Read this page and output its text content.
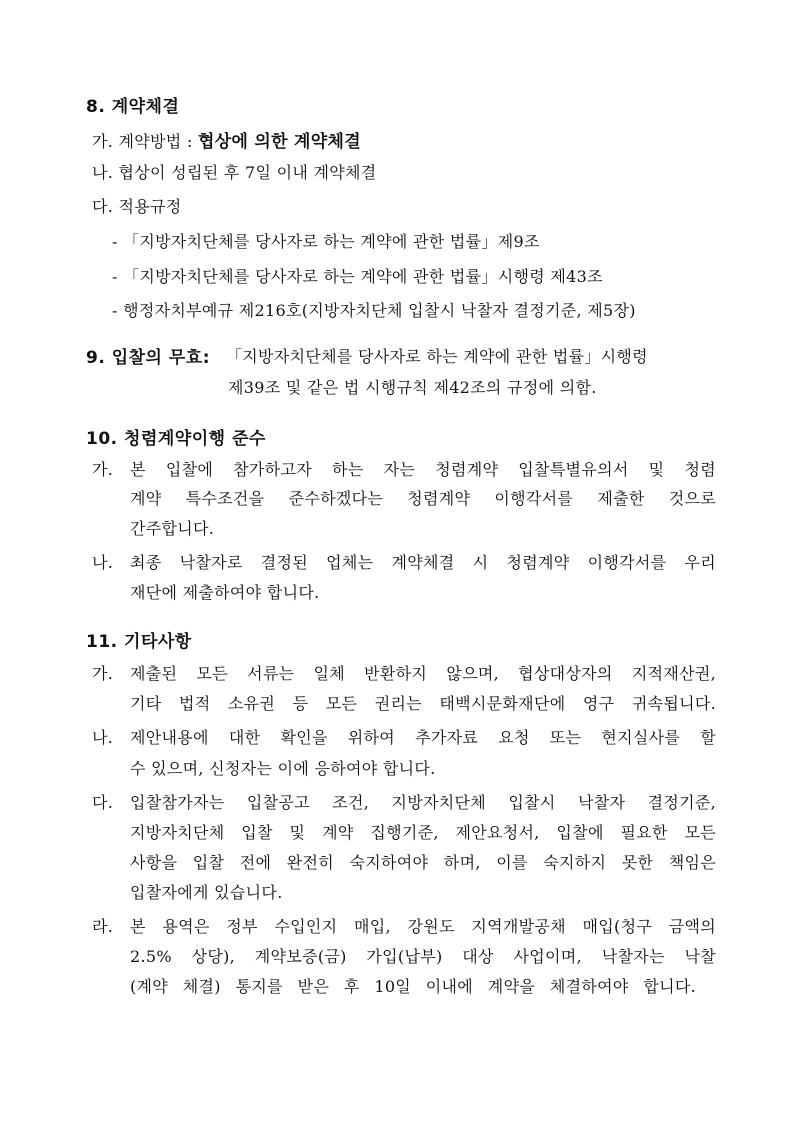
8. 계약체결
가. 계약방법 : 협상에 의한 계약체결
나. 협상이 성립된 후 7일 이내 계약체결
다. 적용규정
- 「지방자치단체를 당사자로 하는 계약에 관한 법률」제9조
- 「지방자치단체를 당사자로 하는 계약에 관한 법률」시행령 제43조
- 행정자치부예규 제216호(지방자치단체 입찰시 낙찰자 결정기준, 제5장)
9. 입찰의 무효: 「지방자치단체를 당사자로 하는 계약에 관한 법률」시행령
제39조 및 같은 법 시행규칙 제42조의 규정에 의함.
10. 청렴계약이행 준수
가. 본 입찰에 참가하고자 하는 자는 청렴계약 입찰특별유의서 및 청렴
계약 특수조건을 준수하겠다는 청렴계약 이행각서를 제출한 것으로
간주합니다.
나. 최종 낙찰자로 결정된 업체는 계약체결 시 청렴계약 이행각서를 우리
재단에 제출하여야 합니다.
11. 기타사항
가. 제출된 모든 서류는 일체 반환하지 않으며, 협상대상자의 지적재산권,
기타 법적 소유권 등 모든 권리는 태백시문화재단에 영구 귀속됩니다.
나. 제안내용에 대한 확인을 위하여 추가자료 요청 또는 현지실사를 할
수 있으며, 신청자는 이에 응하여야 합니다.
다. 입찰참가자는 입찰공고 조건, 지방자치단체 입찰시 낙찰자 결정기준,
지방자치단체 입찰 및 계약 집행기준, 제안요청서, 입찰에 필요한 모든
사항을 입찰 전에 완전히 숙지하여야 하며, 이를 숙지하지 못한 책임은
입찰자에게 있습니다.
라. 본 용역은 정부 수입인지 매입, 강원도 지역개발공채 매입(청구 금액의
2.5% 상당), 계약보증(금) 가입(납부) 대상 사업이며, 낙찰자는 낙찰
(계약 체결) 통지를 받은 후 10일 이내에 계약을 체결하여야 합니다.
